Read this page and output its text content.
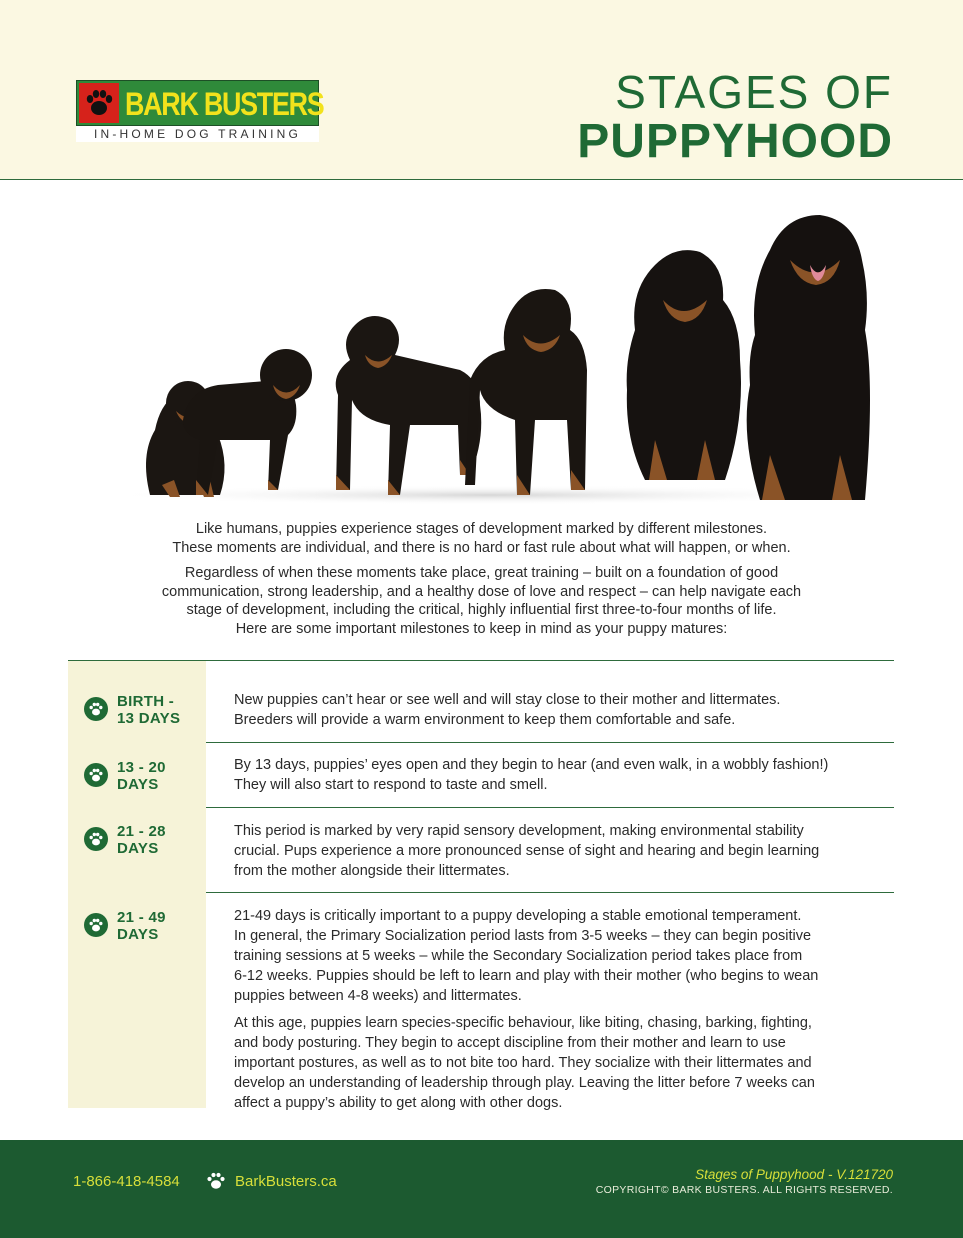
BARK BUSTERS
IN-HOME DOG TRAINING
STAGES OF
PUPPYHOOD

Like humans, puppies experience stages of development marked by different milestones.
These moments are individual, and there is no hard or fast rule about what will happen, or when.

Regardless of when these moments take place, great training – built on a foundation of good
communication, strong leadership, and a healthy dose of love and respect – can help navigate each
stage of development, including the critical, highly influential first three-to-four months of life.
Here are some important milestones to keep in mind as your puppy matures:

BIRTH -
13 DAYS
New puppies can’t hear or see well and will stay close to their mother and littermates.
Breeders will provide a warm environment to keep them comfortable and safe.
13 - 20
DAYS
By 13 days, puppies’ eyes open and they begin to hear (and even walk, in a wobbly fashion!)
They will also start to respond to taste and smell.
21 - 28
DAYS
This period is marked by very rapid sensory development, making environmental stability
crucial. Pups experience a more pronounced sense of sight and hearing and begin learning
from the mother alongside their littermates.
21 - 49
DAYS

21-49 days is critically important to a puppy developing a stable emotional temperament.
In general, the Primary Socialization period lasts from 3-5 weeks – they can begin positive
training sessions at 5 weeks – while the Secondary Socialization period takes place from
6-12 weeks. Puppies should be left to learn and play with their mother (who begins to wean
puppies between 4-8 weeks) and littermates.

At this age, puppies learn species-specific behaviour, like biting, chasing, barking, fighting,
and body posturing. They begin to accept discipline from their mother and learn to use
important postures, as well as to not bite too hard. They socialize with their littermates and
develop an understanding of leadership through play. Leaving the litter before 7 weeks can
affect a puppy’s ability to get along with other dogs.

1-866-418-4584	BarkBusters.ca	Stages of Puppyhood - V.121720
COPYRIGHT© BARK BUSTERS. ALL RIGHTS RESERVED.
